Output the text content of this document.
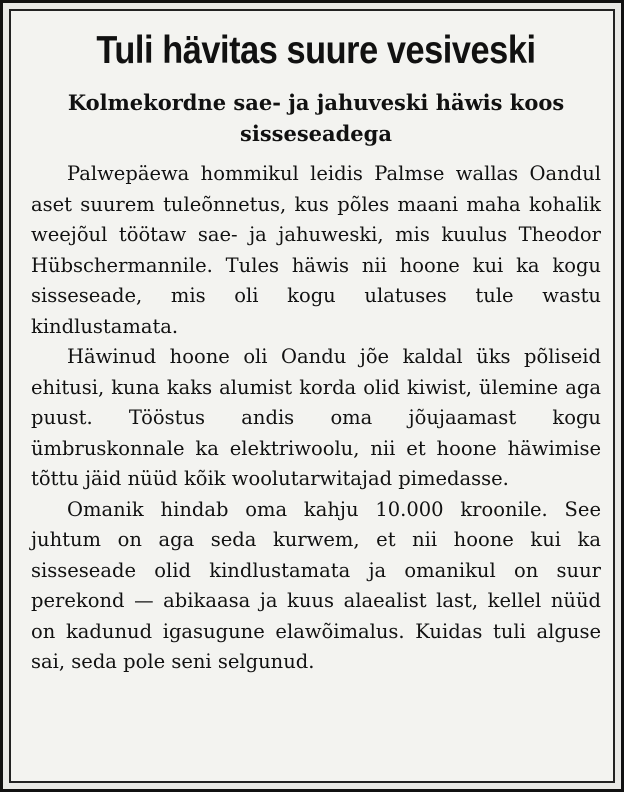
Tuli hävitas suure vesiveski
Kolmekordne sae- ja jahuveski häwis koos sisseseadega

Palwepäewa hommikul leidis Palmse wallas Oandul aset suurem tuleõnnetus, kus põles maani maha kohalik weejõul töötaw sae- ja jahuweski, mis kuulus Theodor Hübschermannile. Tules häwis nii hoone kui ka kogu sisseseade, mis oli kogu ulatuses tule wastu kindlustamata.

Häwinud hoone oli Oandu jõe kaldal üks põliseid ehitusi, kuna kaks alumist korda olid kiwist, ülemine aga puust. Tööstus andis oma jõujaamast kogu ümbruskonnale ka elektriwoolu, nii et hoone häwimise tõttu jäid nüüd kõik woolutarwitajad pimedasse.

Omanik hindab oma kahju 10.000 kroonile. See juhtum on aga seda kurwem, et nii hoone kui ka sisseseade olid kindlustamata ja omanikul on suur perekond — abikaasa ja kuus alaealist last, kellel nüüd on kadunud igasugune elawõimalus. Kuidas tuli alguse sai, seda pole seni selgunud.
